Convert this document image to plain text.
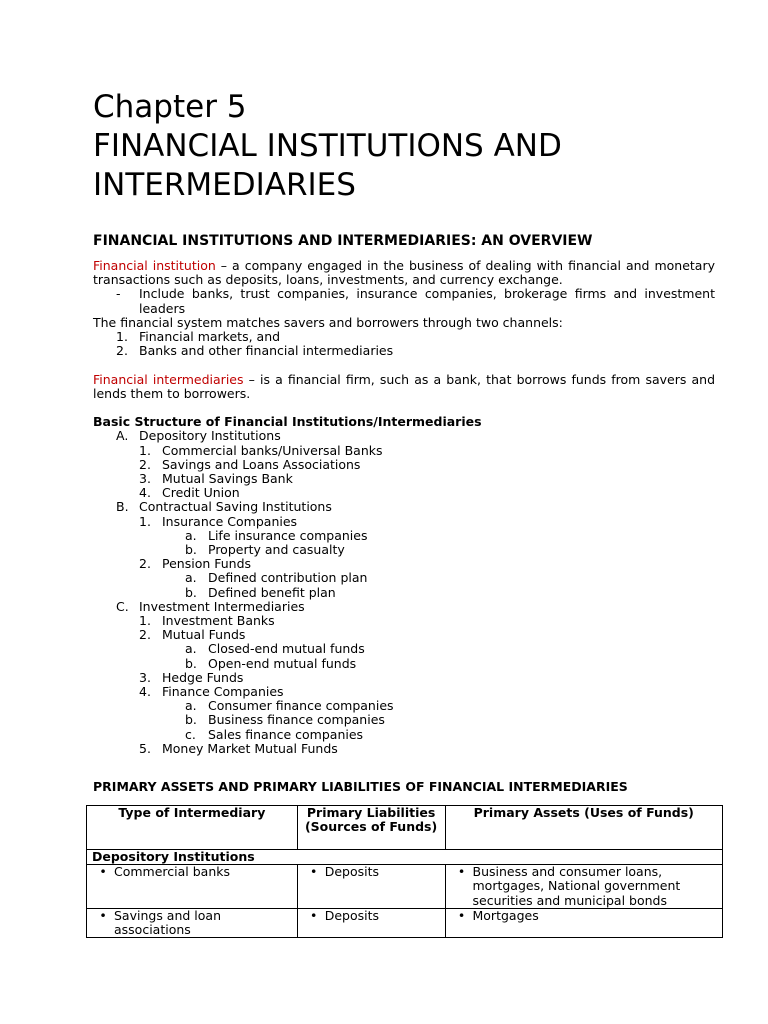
Chapter 5
FINANCIAL INSTITUTIONS AND
INTERMEDIARIES
FINANCIAL INSTITUTIONS AND INTERMEDIARIES: AN OVERVIEW

Financial institution – a company engaged in the business of dealing with financial and monetary transactions such as deposits, loans, investments, and currency exchange.

-	Include banks, trust companies, insurance companies, brokerage firms and investment leaders

The financial system matches savers and borrowers through two channels:

1. Financial markets, and
2. Banks and other financial intermediaries

Financial intermediaries – is a financial firm, such as a bank, that borrows funds from savers and lends them to borrowers.

Basic Structure of Financial Institutions/Intermediaries
A. Depository Institutions
1. Commercial banks/Universal Banks
2. Savings and Loans Associations
3. Mutual Savings Bank
4. Credit Union
B. Contractual Saving Institutions
1. Insurance Companies
a. Life insurance companies
b. Property and casualty
2. Pension Funds
a. Defined contribution plan
b. Defined benefit plan
C. Investment Intermediaries
1. Investment Banks
2. Mutual Funds
a. Closed-end mutual funds
b. Open-end mutual funds
3. Hedge Funds
4. Finance Companies
a. Consumer finance companies
b. Business finance companies
c. Sales finance companies
5. Money Market Mutual Funds
PRIMARY ASSETS AND PRIMARY LIABILITIES OF FINANCIAL INTERMEDIARIES
Type of Intermediary	Primary Liabilities (Sources of Funds)	Primary Assets (Uses of Funds)
Depository Institutions		

• Commercial banks	• Deposits	• Business and consumer loans, mortgages, National government securities and municipal bonds

• Savings and loan associations	• Deposits	• Mortgages
